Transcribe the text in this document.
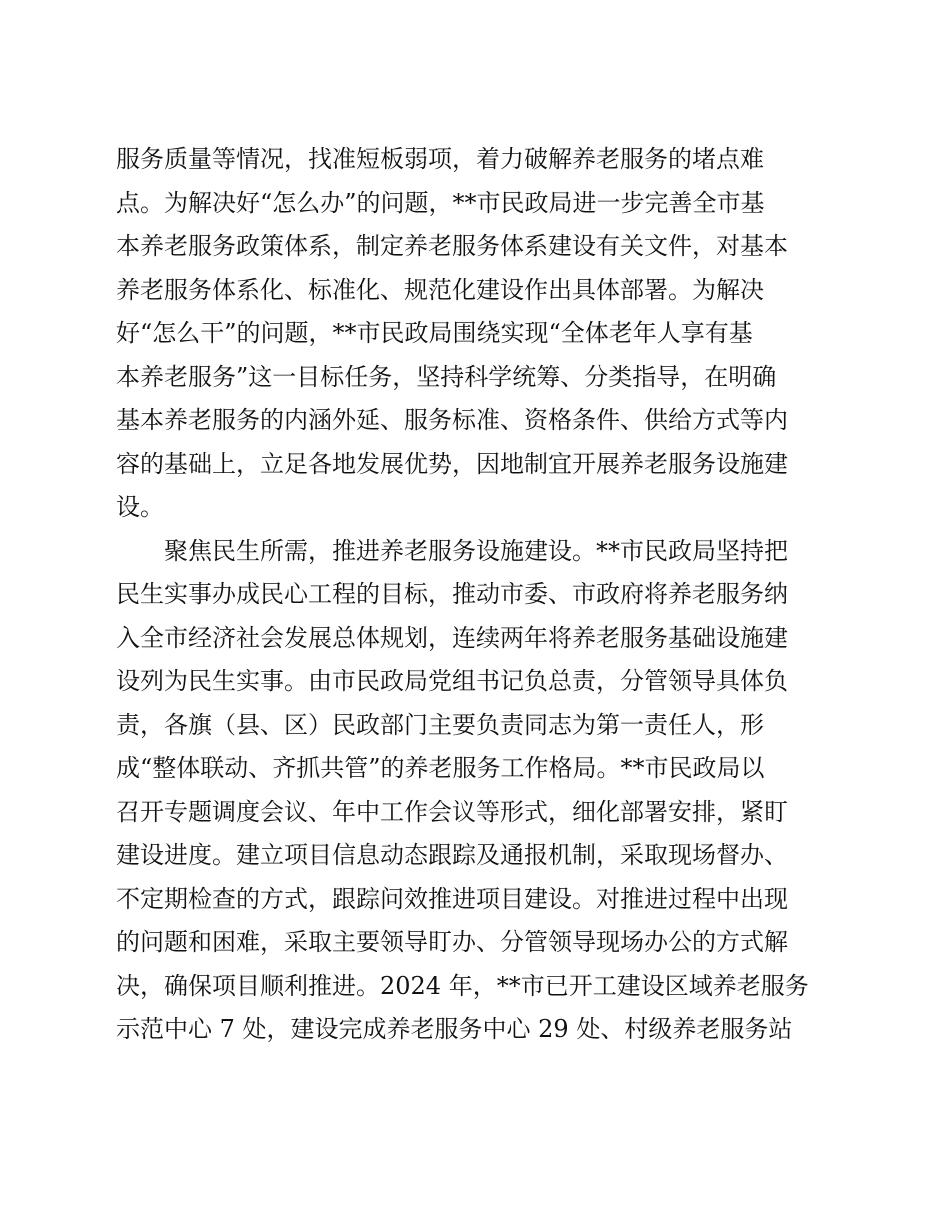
服务质量等情况，找准短板弱项，着力破解养老服务的堵点难
点。为解决好“怎么办”的问题，**市民政局进一步完善全市基
本养老服务政策体系，制定养老服务体系建设有关文件，对基本
养老服务体系化、标准化、规范化建设作出具体部署。为解决
好“怎么干”的问题，**市民政局围绕实现“全体老年人享有基
本养老服务”这一目标任务，坚持科学统筹、分类指导，在明确
基本养老服务的内涵外延、服务标准、资格条件、供给方式等内
容的基础上，立足各地发展优势，因地制宜开展养老服务设施建
设。
聚焦民生所需，推进养老服务设施建设。**市民政局坚持把
民生实事办成民心工程的目标，推动市委、市政府将养老服务纳
入全市经济社会发展总体规划，连续两年将养老服务基础设施建
设列为民生实事。由市民政局党组书记负总责，分管领导具体负
责，各旗（县、区）民政部门主要负责同志为第一责任人，形
成“整体联动、齐抓共管”的养老服务工作格局。**市民政局以
召开专题调度会议、年中工作会议等形式，细化部署安排，紧盯
建设进度。建立项目信息动态跟踪及通报机制，采取现场督办、
不定期检查的方式，跟踪问效推进项目建设。对推进过程中出现
的问题和困难，采取主要领导盯办、分管领导现场办公的方式解
决，确保项目顺利推进。2024 年，**市已开工建设区域养老服务
示范中心 7 处，建设完成养老服务中心 29 处、村级养老服务站
